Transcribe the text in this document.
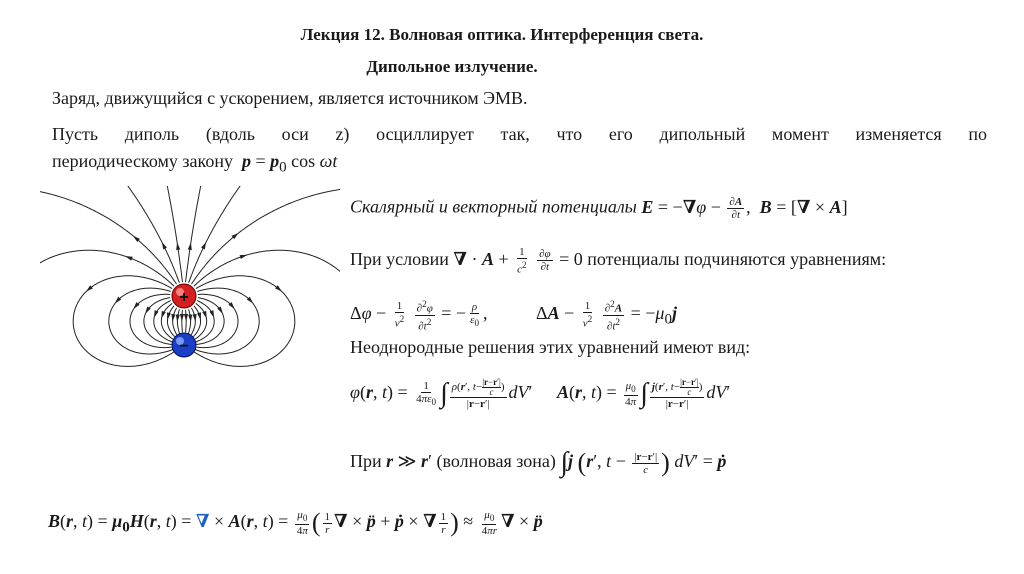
Лекция 12. Волновая оптика. Интерференция света.
Дипольное излучение.
Заряд, движущийся с ускорением, является источником ЭМВ.
Пусть диполь (вдоль оси z) осциллирует так, что его дипольный момент изменяется по
периодическому закону $p = p_0$ cos ωt
+
−
Скалярный и векторный потенциалы $E = -\nabla\varphi - \frac{\partial A}{\partial t}$ ,  B = [∇ × A]
При условии ∇ · $A + \frac{1}{c^2}$
$\frac{\partial\varphi}{\partial t} = 0$ потенциалы подчиняются уравнениям:
$\Delta\varphi - \frac{1}{v^2}$
$\frac{\partial^2\varphi}{\partial t^2}$ = − $\frac{\rho}{\varepsilon_0}$ , $\Delta A - \frac{1}{v^2}$
$\frac{\partial^2A}{\partial t^2} = -\mu_0j$
Неоднородные решения этих уравнений имеют вид:
φ(r, $t) = \frac{1}{4\pi\varepsilon_0}$ ∫ $\frac{\rho(r', t- \frac{|r-r'|}{c} )}{|r-r'|} dV'$ A(r, $t) = \frac{\mu_0}{4\pi}$ ∫ $\frac{j(r', t- \frac{|r-r'|}{c} )}{|r-r'|} dV'$
При r ≫ r′ (волновая зона) ∫j (r′, $t - \frac{|r-r'|}{c}$ ) dV′ = ṗ
B(r, $t) = \mu_0H(r$, t) = ∇ × A(r, $t) = \frac{\mu_0}{4\pi}$ ( $\frac{1}{r}$ ∇ × p̈ + ṗ × ∇ $\frac{1}{r}$ ) ≈ $\frac{\mu_0}{4\pi r}$ ∇ × p̈
